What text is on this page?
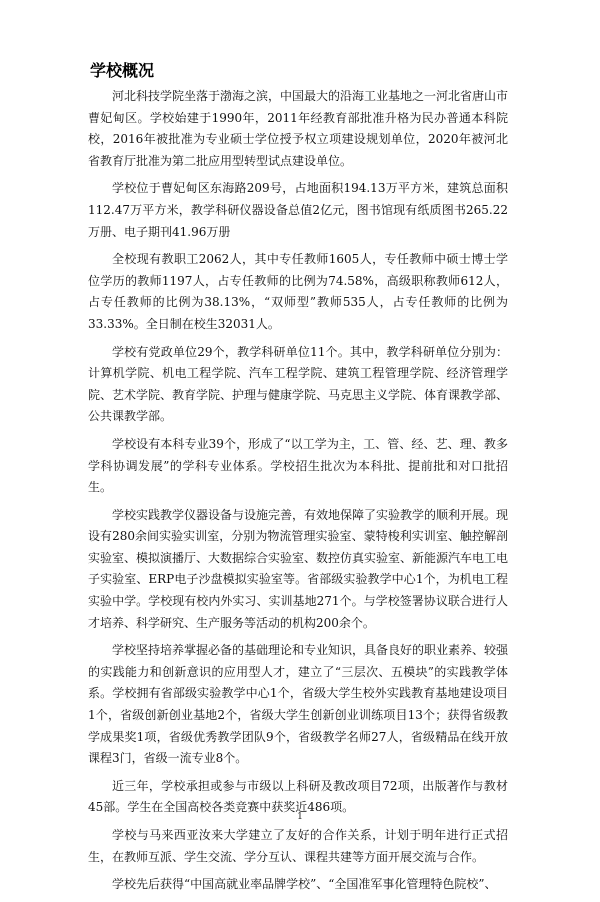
学校概况

河北科技学院坐落于渤海之滨，中国最大的沿海工业基地之一河北省唐山市曹妃甸区。学校始建于1990年，2011年经教育部批准升格为民办普通本科院校，2016年被批准为专业硕士学位授予权立项建设规划单位，2020年被河北省教育厅批准为第二批应用型转型试点建设单位。

学校位于曹妃甸区东海路209号，占地面积194.13万平方米，建筑总面积112.47万平方米，教学科研仪器设备总值2亿元，图书馆现有纸质图书265.22万册、电子期刊41.96万册

全校现有教职工2062人，其中专任教师1605人，专任教师中硕士博士学位学历的教师1197人，占专任教师的比例为74.58%，高级职称教师612人，占专任教师的比例为38.13%，“双师型”教师535人，占专任教师的比例为33.33%。全日制在校生32031人。

学校有党政单位29个，教学科研单位11个。其中，教学科研单位分别为：计算机学院、机电工程学院、汽车工程学院、建筑工程管理学院、经济管理学院、艺术学院、教育学院、护理与健康学院、马克思主义学院、体育课教学部、公共课教学部。

学校设有本科专业39个，形成了“以工学为主，工、管、经、艺、理、教多学科协调发展”的学科专业体系。学校招生批次为本科批、提前批和对口批招生。

学校实践教学仪器设备与设施完善，有效地保障了实验教学的顺利开展。现设有280余间实验实训室，分别为物流管理实验室、蒙特梭利实训室、触控解剖实验室、模拟演播厅、大数据综合实验室、数控仿真实验室、新能源汽车电工电子实验室、ERP电子沙盘模拟实验室等。省部级实验教学中心1个，为机电工程实验中学。学校现有校内外实习、实训基地271个。与学校签署协议联合进行人才培养、科学研究、生产服务等活动的机构200余个。

学校坚持培养掌握必备的基础理论和专业知识，具备良好的职业素养、较强的实践能力和创新意识的应用型人才，建立了“三层次、五模块”的实践教学体系。学校拥有省部级实验教学中心1个，省级大学生校外实践教育基地建设项目1个，省级创新创业基地2个，省级大学生创新创业训练项目13个；获得省级教学成果奖1项，省级优秀教学团队9个，省级教学名师27人，省级精品在线开放课程3门，省级一流专业8个。

近三年，学校承担或参与市级以上科研及教改项目72项，出版著作与教材45部。学生在全国高校各类竞赛中获奖近486项。

学校与马来西亚汝来大学建立了友好的合作关系，计划于明年进行正式招生，在教师互派、学生交流、学分互认、课程共建等方面开展交流与合作。

学校先后获得“中国高就业率品牌学校”、“全国准军事化管理特色院校”、

1
